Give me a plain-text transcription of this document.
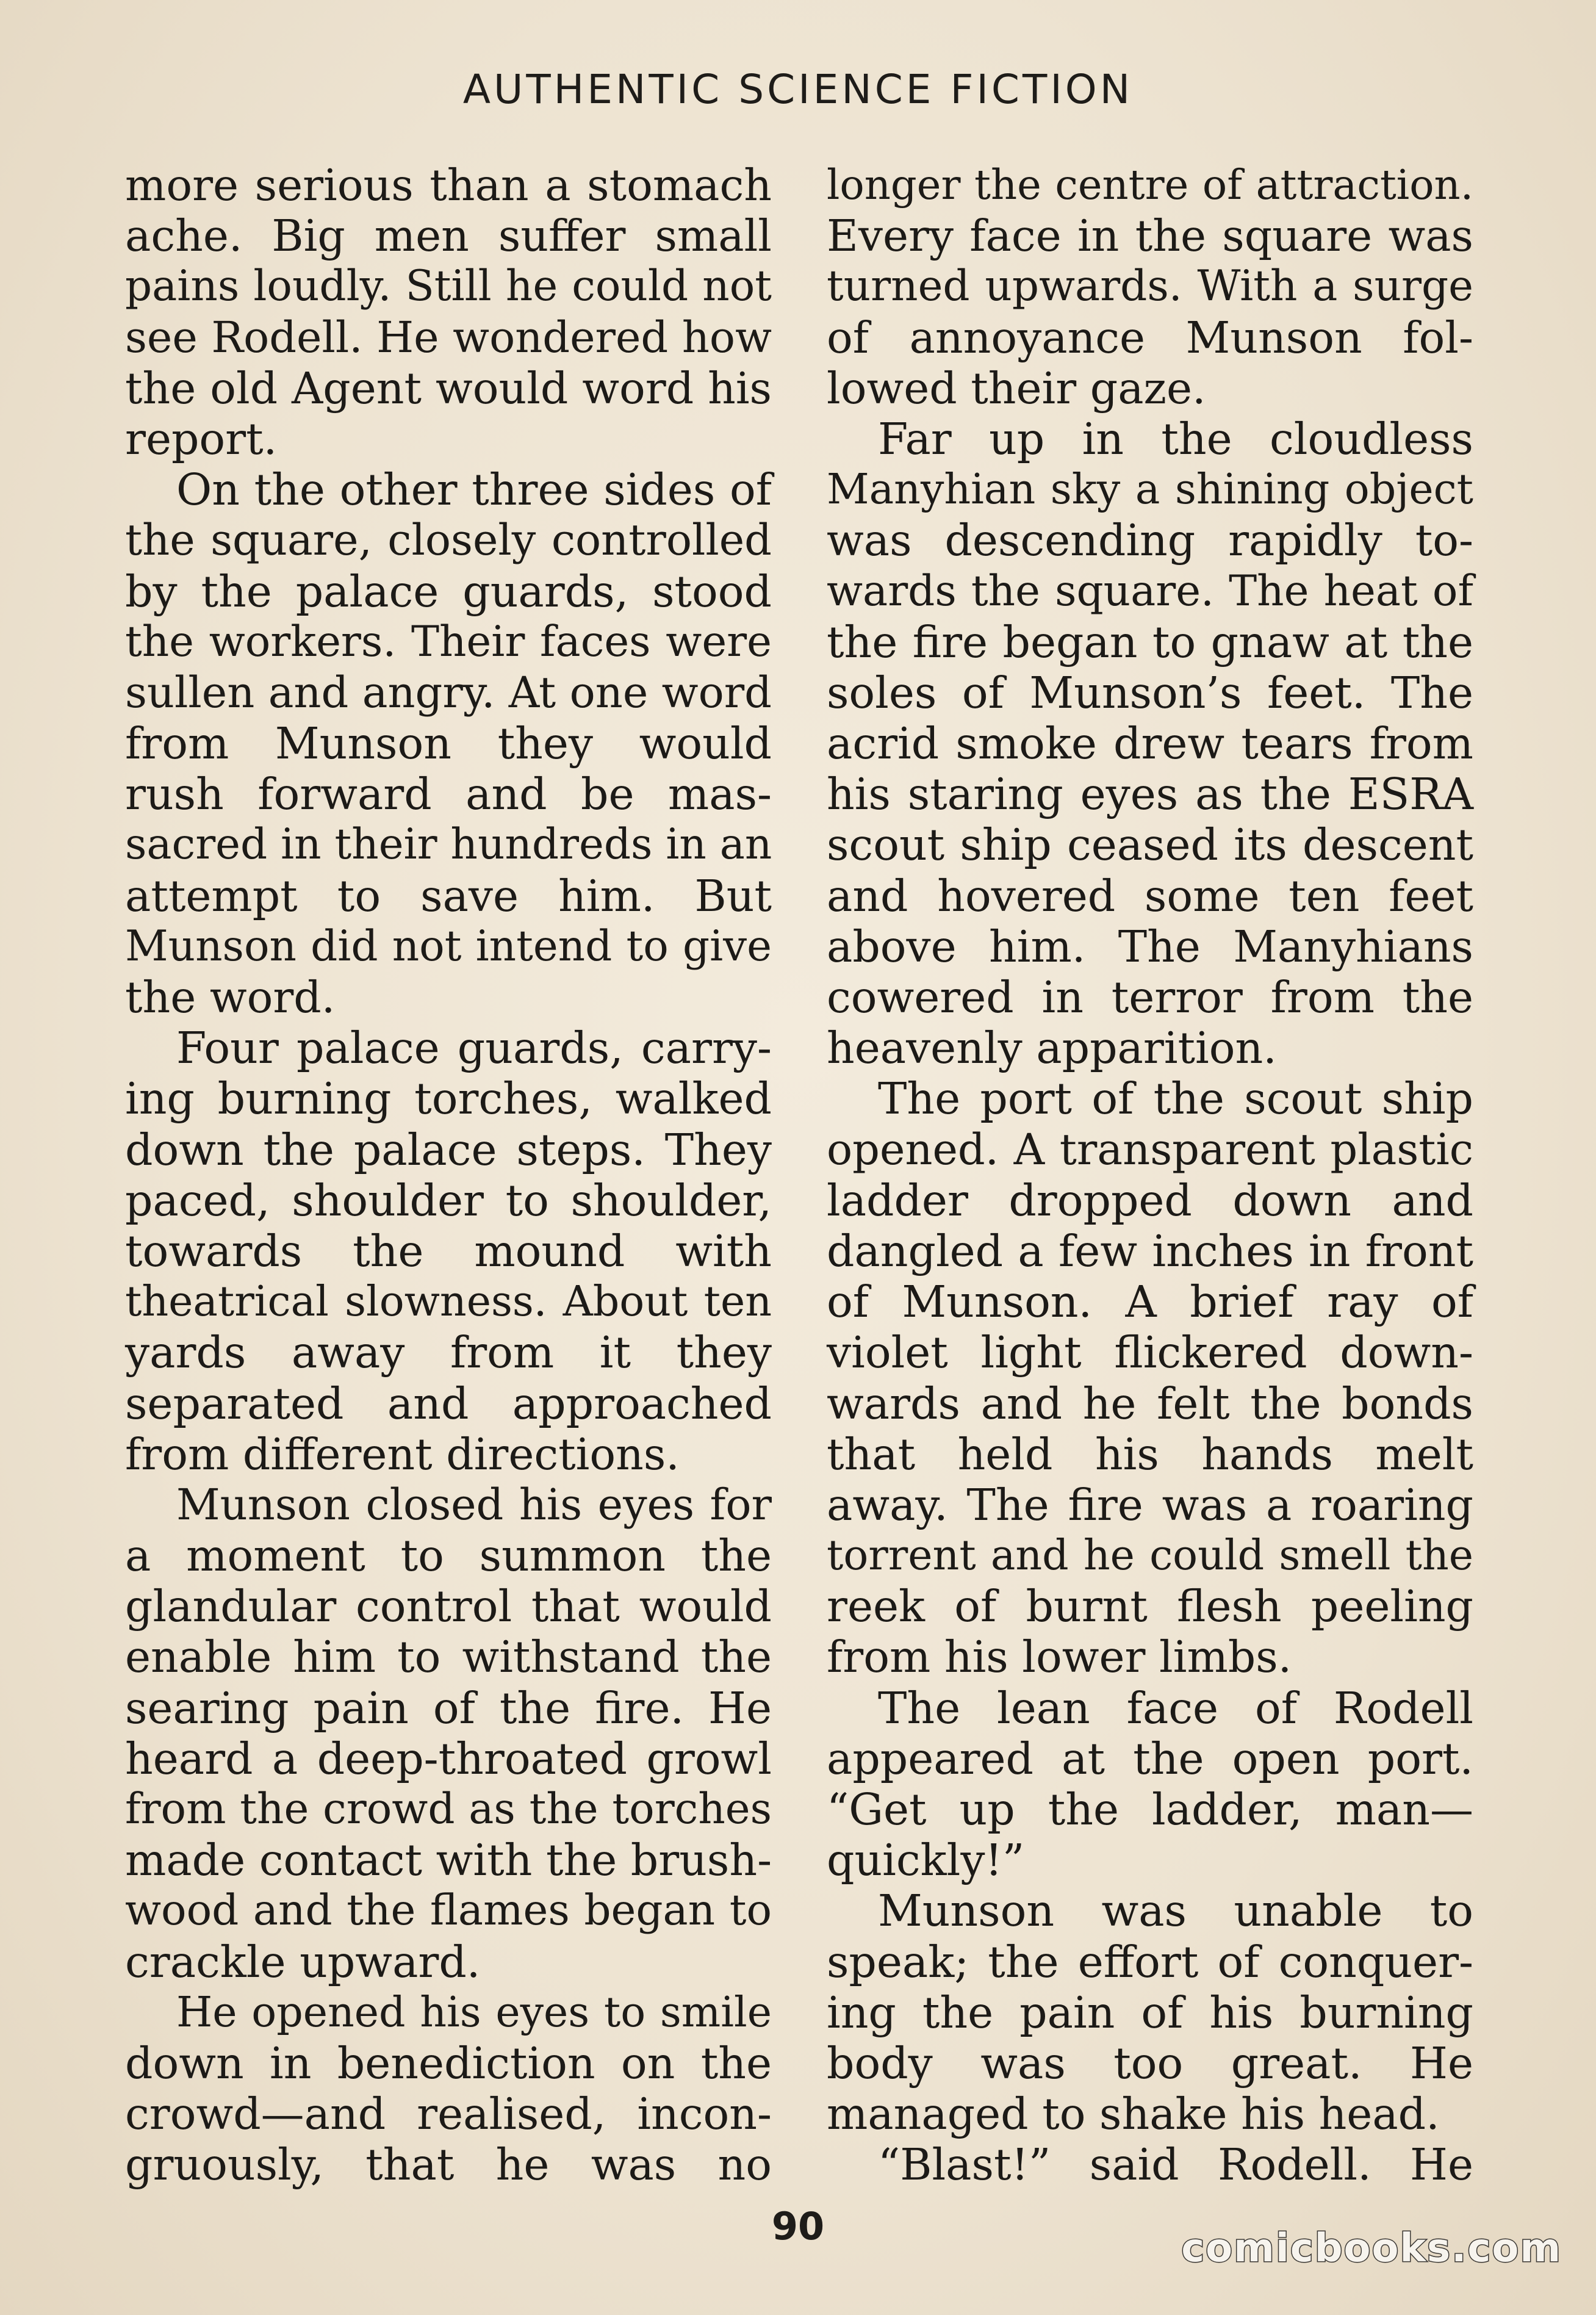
AUTHENTIC SCIENCE FICTION
more serious than a stomach
ache. Big men suffer small
pains loudly. Still he could not
see Rodell. He wondered how
the old Agent would word his
report.
On the other three sides of
the square, closely controlled
by the palace guards, stood
the workers. Their faces were
sullen and angry. At one word
from Munson they would
rush forward and be mas-
sacred in their hundreds in an
attempt to save him. But
Munson did not intend to give
the word.
Four palace guards, carry-
ing burning torches, walked
down the palace steps. They
paced, shoulder to shoulder,
towards the mound with
theatrical slowness. About ten
yards away from it they
separated and approached
from different directions.
Munson closed his eyes for
a moment to summon the
glandular control that would
enable him to withstand the
searing pain of the fire. He
heard a deep-throated growl
from the crowd as the torches
made contact with the brush-
wood and the flames began to
crackle upward.
He opened his eyes to smile
down in benediction on the
crowd—and realised, incon-
gruously, that he was no
longer the centre of attraction.
Every face in the square was
turned upwards. With a surge
of annoyance Munson fol-
lowed their gaze.
Far up in the cloudless
Manyhian sky a shining object
was descending rapidly to-
wards the square. The heat of
the fire began to gnaw at the
soles of Munson’s feet. The
acrid smoke drew tears from
his staring eyes as the ESRA
scout ship ceased its descent
and hovered some ten feet
above him. The Manyhians
cowered in terror from the
heavenly apparition.
The port of the scout ship
opened. A transparent plastic
ladder dropped down and
dangled a few inches in front
of Munson. A brief ray of
violet light flickered down-
wards and he felt the bonds
that held his hands melt
away. The fire was a roaring
torrent and he could smell the
reek of burnt flesh peeling
from his lower limbs.
The lean face of Rodell
appeared at the open port.
“Get up the ladder, man—
quickly!”
Munson was unable to
speak; the effort of conquer-
ing the pain of his burning
body was too great. He
managed to shake his head.
“Blast!” said Rodell. He
90	comicbooks.com
